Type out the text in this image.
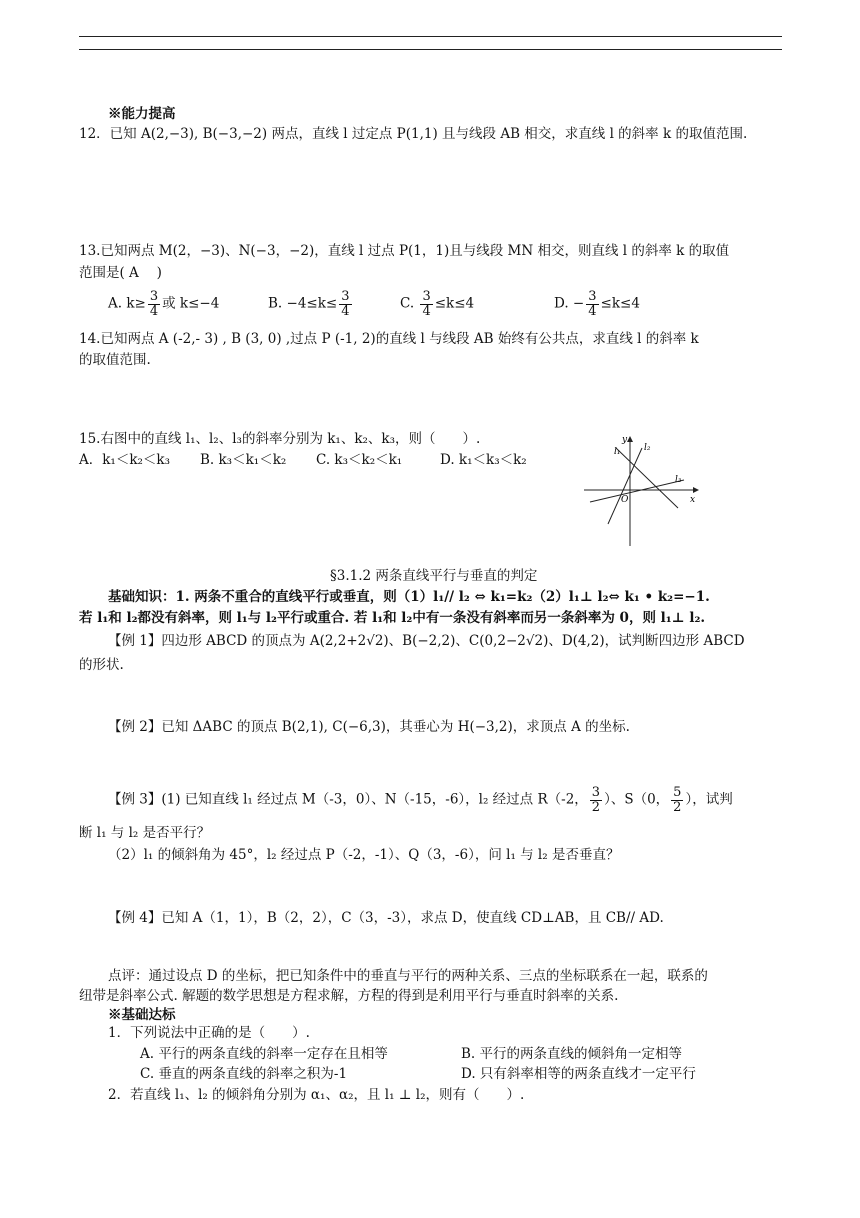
※能力提高
12．已知 A(2,−3), B(−3,−2) 两点，直线 l 过定点 P(1,1) 且与线段 AB 相交，求直线 l 的斜率 k 的取值范围.
13.已知两点 M(2，−3)、N(−3，−2)，直线 l 过点 P(1，1)且与线段 MN 相交，则直线 l 的斜率 k 的取值
范围是( A　 )
A. $k\ge \frac{3}{4}$ 或 k≤−4	B. $-4\le k\le \frac{3}{4}$	C. $\frac{3}{4} \le k\le 4$	D. − $\frac{3}{4} \le k\le 4$
14.已知两点 A (-2,- 3) , B (3, 0) ,过点 P (-1, 2)的直线 l 与线段 AB 始终有公共点，求直线 l 的斜率 k
的取值范围.
15.右图中的直线 l₁、l₂、l₃的斜率分别为 k₁、k₂、k₃，则（　　）.
A．k₁＜k₂＜k₃ B. k₃＜k₁＜k₂ C. k₃＜k₂＜k₁	D. k₁＜k₃＜k₂
y
x
O
l₁	l₂
l₃
§3.1.2 两条直线平行与垂直的判定
基础知识：1. 两条不重合的直线平行或垂直，则（1）l₁// l₂ ⇔ k₁=k₂（2）l₁⊥ l₂⇔ k₁ • k₂=−1.
若 l₁和 l₂都没有斜率，则 l₁与 l₂平行或重合. 若 l₁和 l₂中有一条没有斜率而另一条斜率为 0，则 l₁⊥ l₂.
【例 1】四边形 ABCD 的顶点为 A(2,2+2√2)、B(−2,2)、C(0,2−2√2)、D(4,2)，试判断四边形 ABCD
的形状.
【例 2】已知 ΔABC 的顶点 B(2,1), C(−6,3)，其垂心为 H(−3,2)，求顶点 A 的坐标.
【例 3】(1) 已知直线 l₁ 经过点 M（-3，0）、N（-15，-6），l₂ 经过点 R（-2， $\frac{3}{2}$ ）、S（0， $\frac{5}{2}$ ），试判
断 l₁ 与 l₂ 是否平行？
（2）l₁ 的倾斜角为 45°，l₂ 经过点 P（-2，-1）、Q（3，-6），问 l₁ 与 l₂ 是否垂直？
【例 4】已知 A（1，1），B（2，2），C（3，-3），求点 D，使直线 CD⊥AB，且 CB// AD.
点评：通过设点 D 的坐标，把已知条件中的垂直与平行的两种关系、三点的坐标联系在一起，联系的
纽带是斜率公式. 解题的数学思想是方程求解，方程的得到是利用平行与垂直时斜率的关系.
※基础达标
1．下列说法中正确的是（　　）.
A. 平行的两条直线的斜率一定存在且相等	B. 平行的两条直线的倾斜角一定相等
C. 垂直的两条直线的斜率之积为-1	D. 只有斜率相等的两条直线才一定平行
2．若直线 l₁、l₂ 的倾斜角分别为 α₁、α₂，且 l₁ ⊥ l₂，则有（　　）.
